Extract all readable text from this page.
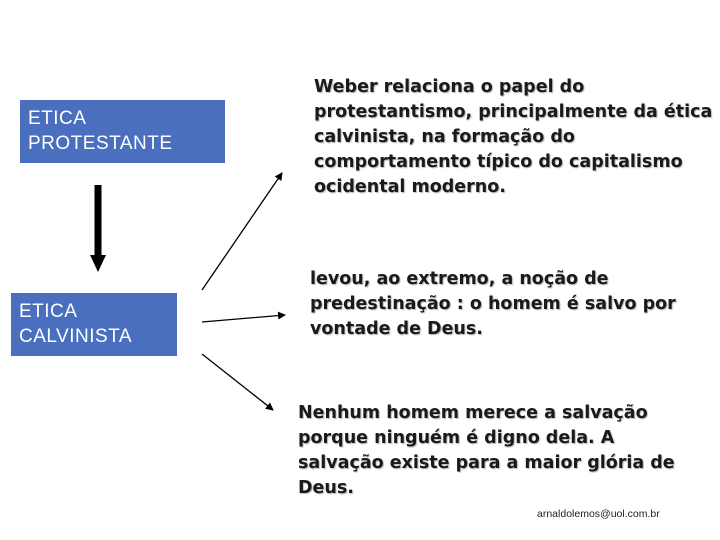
ETICA
PROTESTANTE
ETICA
CALVINISTA

Weber relaciona o papel do protestantismo, principalmente da ética calvinista, na formação do comportamento típico do capitalismo ocidental moderno.

levou, ao extremo, a noção de predestinação : o homem é salvo por vontade de Deus.

Nenhum homem merece a salvação porque ninguém é digno dela. A salvação existe para a maior glória de Deus.

arnaldolemos@uol.com.br
